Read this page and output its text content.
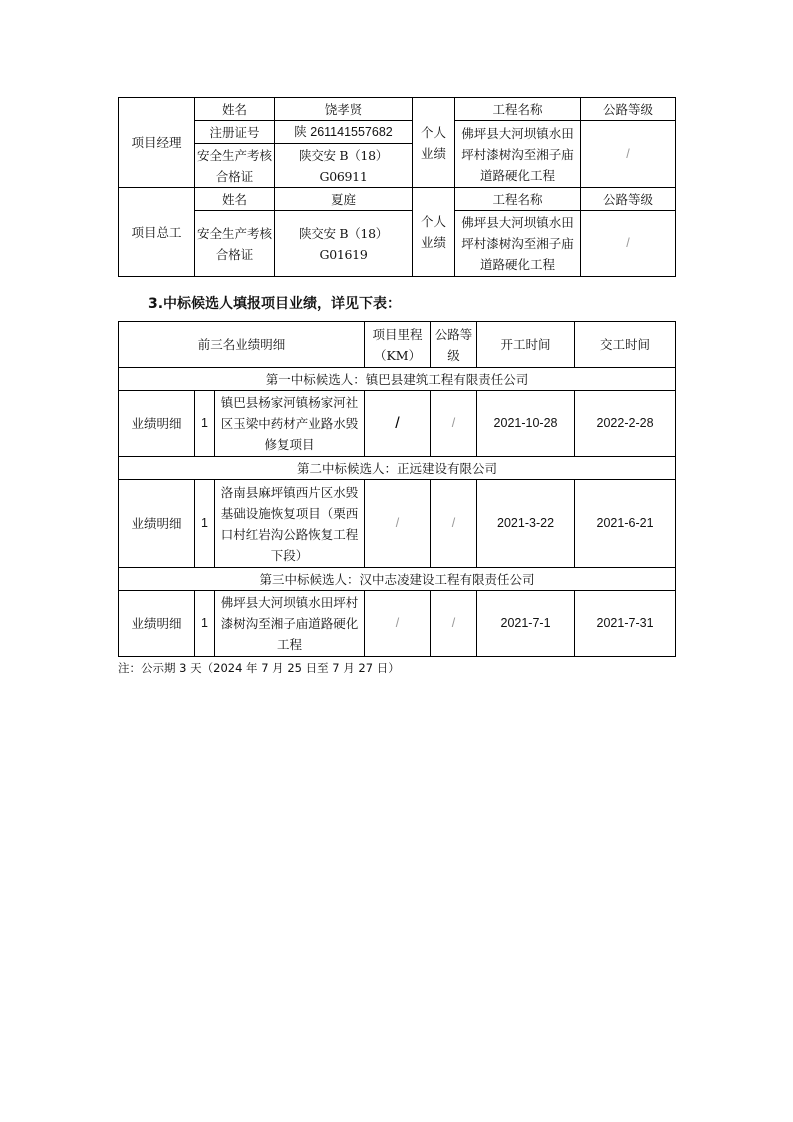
项目经理	姓名	饶孝贤	个人业绩	工程名称	公路等级
	注册证号	陕 261141557682		佛坪县大河坝镇水田坪村漆树沟至湘子庙道路硬化工程	/
	安全生产考核合格证	陕交安 B（18）G06911			
项目总工	姓名	夏庭	个人业绩	工程名称	公路等级
	安全生产考核合格证	陕交安 B（18）G01619		佛坪县大河坝镇水田坪村漆树沟至湘子庙道路硬化工程	/
3.中标候选人填报项目业绩，详见下表：
前三名业绩明细			项目里程（KM）	公路等级	开工时间	交工时间
第一中标候选人：镇巴县建筑工程有限责任公司						
业绩明细	1	镇巴县杨家河镇杨家河社区玉梁中药材产业路水毁修复项目	/	/	2021-10-28	2022-2-28
第二中标候选人：正远建设有限公司						
业绩明细	1	洛南县麻坪镇西片区水毁基础设施恢复项目（栗西口村红岩沟公路恢复工程下段）	/	/	2021-3-22	2021-6-21
第三中标候选人：汉中志凌建设工程有限责任公司						
业绩明细	1	佛坪县大河坝镇水田坪村漆树沟至湘子庙道路硬化工程	/	/	2021-7-1	2021-7-31
注：公示期 3 天（2024 年 7 月 25 日至 7 月 27 日）
